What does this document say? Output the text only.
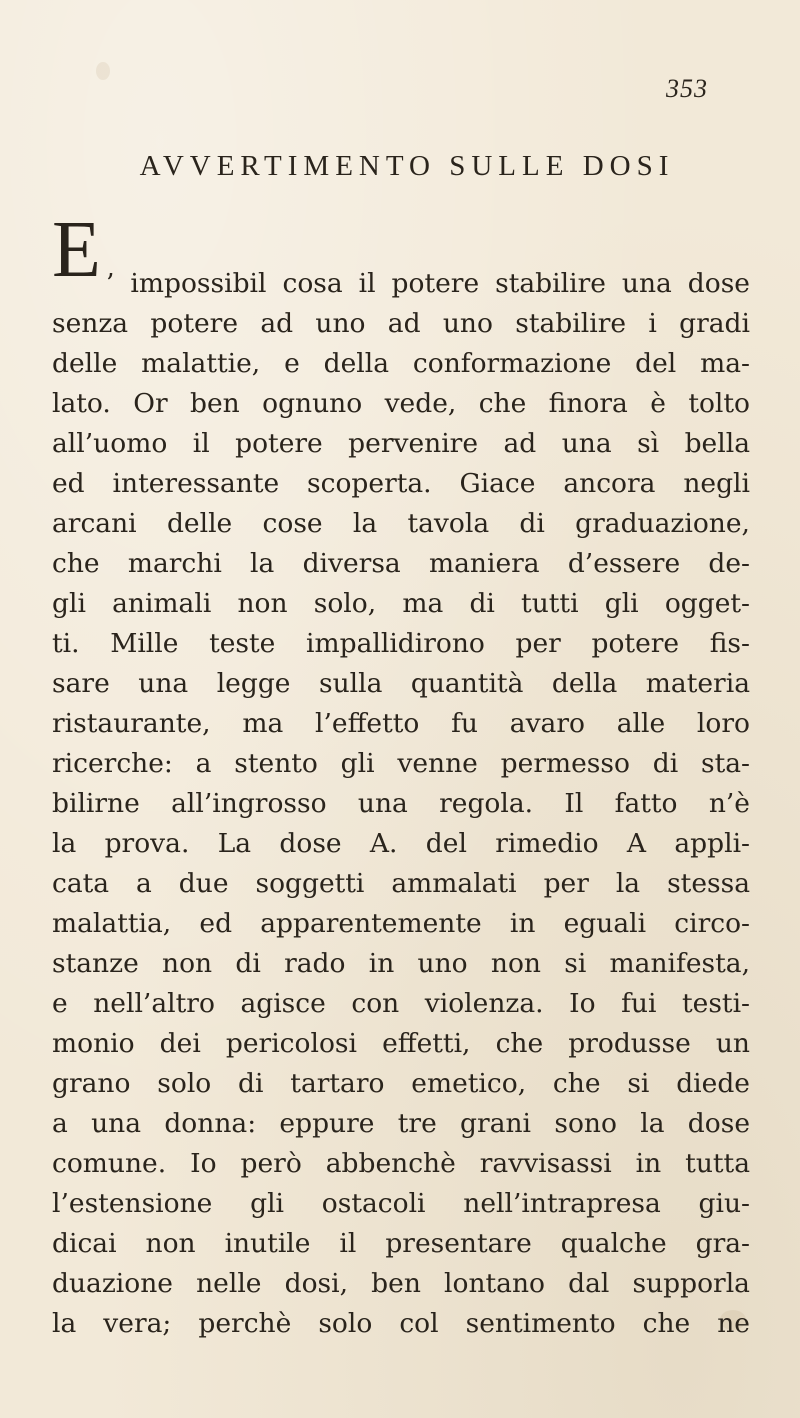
353
AVVERTIMENTO SULLE DOSI
E ’ impossibil cosa il potere stabilire una dose
senza potere ad uno ad uno stabilire i gradi
delle malattie, e della conformazione del ma-
lato. Or ben ognuno vede, che finora è tolto
all’uomo il potere pervenire ad una sì bella
ed interessante scoperta. Giace ancora negli
arcani delle cose la tavola di graduazione,
che marchi la diversa maniera d’essere de-
gli animali non solo, ma di tutti gli ogget-
ti. Mille teste impallidirono per potere fis-
sare una legge sulla quantità della materia
ristaurante, ma l’effetto fu avaro alle loro
ricerche: a stento gli venne permesso di sta-
bilirne all’ingrosso una regola. Il fatto n’è
la prova. La dose A. del rimedio A appli-
cata a due soggetti ammalati per la stessa
malattia, ed apparentemente in eguali circo-
stanze non di rado in uno non si manifesta,
e nell’altro agisce con violenza. Io fui testi-
monio dei pericolosi effetti, che produsse un
grano solo di tartaro emetico, che si diede
a una donna: eppure tre grani sono la dose
comune. Io però abbenchè ravvisassi in tutta
l’estensione gli ostacoli nell’intrapresa giu-
dicai non inutile il presentare qualche gra-
duazione nelle dosi, ben lontano dal supporla
la vera; perchè solo col sentimento che ne
